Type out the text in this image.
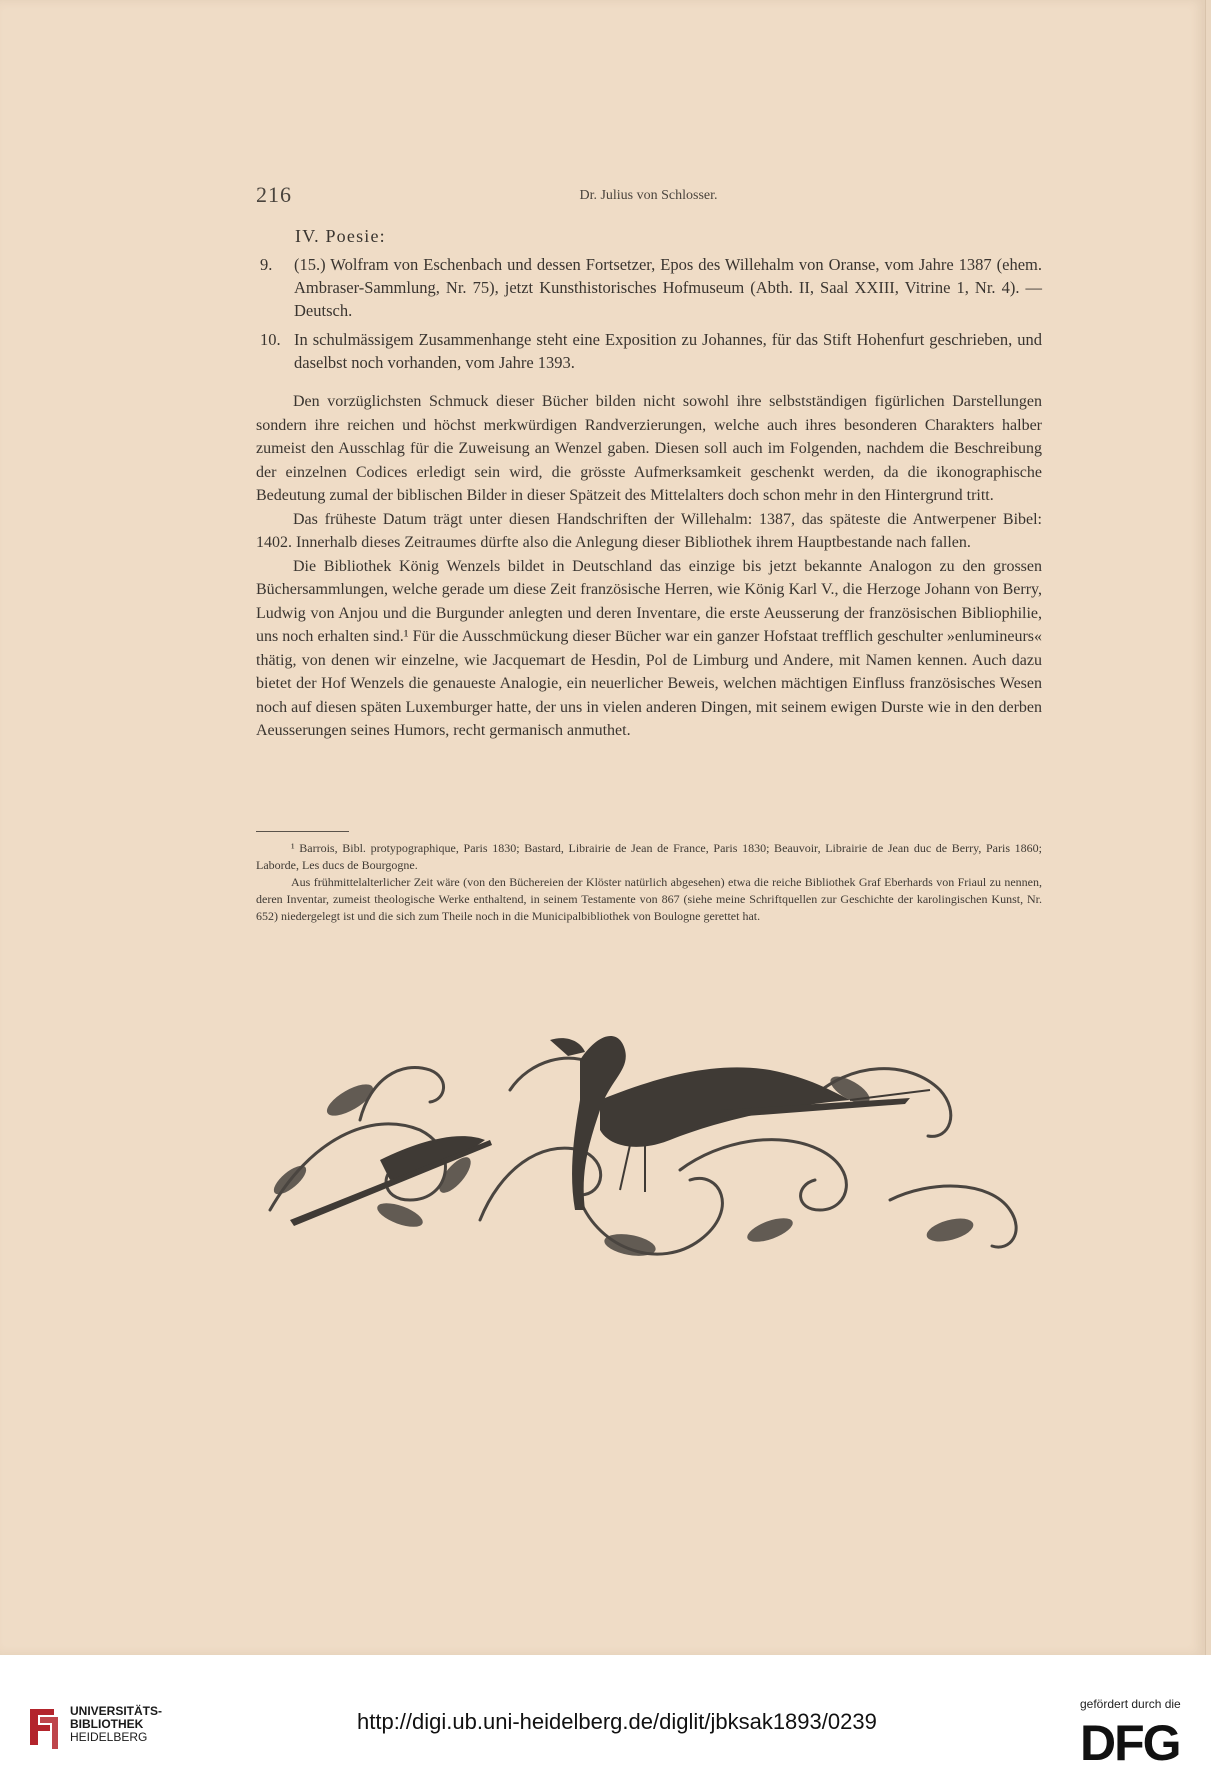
216	Dr. Julius von Schlosser.
IV. Poesie:
9. (15.) Wolfram von Eschenbach und dessen Fortsetzer, Epos des Willehalm von Oranse, vom Jahre 1387 (ehem. Ambraser-Sammlung, Nr. 75), jetzt Kunsthistorisches Hofmuseum (Abth. II, Saal XXIII, Vitrine 1, Nr. 4). — Deutsch.
10. In schulmässigem Zusammenhange steht eine Exposition zu Johannes, für das Stift Hohenfurt geschrieben, und daselbst noch vorhanden, vom Jahre 1393.

Den vorzüglichsten Schmuck dieser Bücher bilden nicht sowohl ihre selbstständigen figürlichen Darstellungen sondern ihre reichen und höchst merkwürdigen Randverzierungen, welche auch ihres besonderen Charakters halber zumeist den Ausschlag für die Zuweisung an Wenzel gaben. Diesen soll auch im Folgenden, nachdem die Beschreibung der einzelnen Codices erledigt sein wird, die grösste Aufmerksamkeit geschenkt werden, da die ikonographische Bedeutung zumal der biblischen Bilder in dieser Spätzeit des Mittelalters doch schon mehr in den Hintergrund tritt.

Das früheste Datum trägt unter diesen Handschriften der Willehalm: 1387, das späteste die Antwerpener Bibel: 1402. Innerhalb dieses Zeitraumes dürfte also die Anlegung dieser Bibliothek ihrem Hauptbestande nach fallen.

Die Bibliothek König Wenzels bildet in Deutschland das einzige bis jetzt bekannte Analogon zu den grossen Büchersammlungen, welche gerade um diese Zeit französische Herren, wie König Karl V., die Herzoge Johann von Berry, Ludwig von Anjou und die Burgunder anlegten und deren Inventare, die erste Aeusserung der französischen Bibliophilie, uns noch erhalten sind.¹ Für die Ausschmückung dieser Bücher war ein ganzer Hofstaat trefflich geschulter »enlumineurs« thätig, von denen wir einzelne, wie Jacquemart de Hesdin, Pol de Limburg und Andere, mit Namen kennen. Auch dazu bietet der Hof Wenzels die genaueste Analogie, ein neuerlicher Beweis, welchen mächtigen Einfluss französisches Wesen noch auf diesen späten Luxemburger hatte, der uns in vielen anderen Dingen, mit seinem ewigen Durste wie in den derben Aeusserungen seines Humors, recht germanisch anmuthet.

¹ Barrois, Bibl. protypographique, Paris 1830; Bastard, Librairie de Jean de France, Paris 1830; Beauvoir, Librairie de Jean duc de Berry, Paris 1860; Laborde, Les ducs de Bourgogne.

Aus frühmittelalterlicher Zeit wäre (von den Büchereien der Klöster natürlich abgesehen) etwa die reiche Bibliothek Graf Eberhards von Friaul zu nennen, deren Inventar, zumeist theologische Werke enthaltend, in seinem Testamente von 867 (siehe meine Schriftquellen zur Geschichte der karolingischen Kunst, Nr. 652) niedergelegt ist und die sich zum Theile noch in die Municipalbibliothek von Boulogne gerettet hat.

UNIVERSITÄTS-
BIBLIOTHEK
HEIDELBERG
http://digi.ub.uni-heidelberg.de/diglit/jbksak1893/0239
gefördert durch die
DFG
